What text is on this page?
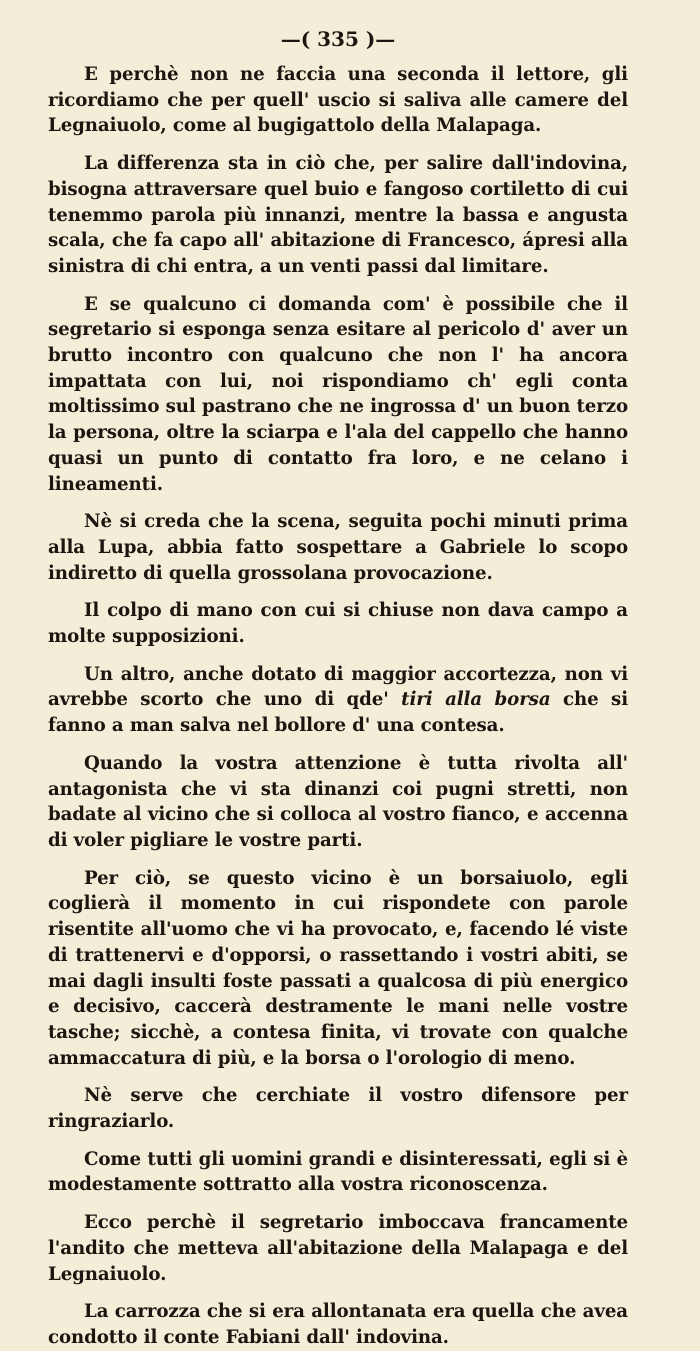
—( 335 )—

E perchè non ne faccia una seconda il lettore, gli ricordiamo che per quell' uscio si saliva alle camere del Legnaiuolo, come al bugigattolo della Malapaga.

La differenza sta in ciò che, per salire dall'indovina, bisogna attraversare quel buio e fangoso cortiletto di cui tenemmo parola più innanzi, mentre la bassa e angusta scala, che fa capo all' abitazione di Francesco, ápresi alla sinistra di chi entra, a un venti passi dal limitare.

E se qualcuno ci domanda com' è possibile che il segretario si esponga senza esitare al pericolo d' aver un brutto incontro con qualcuno che non l' ha ancora impattata con lui, noi rispondiamo ch' egli conta moltissimo sul pastrano che ne ingrossa d' un buon terzo la persona, oltre la sciarpa e l'ala del cappello che hanno quasi un punto di contatto fra loro, e ne celano i lineamenti.

Nè si creda che la scena, seguita pochi minuti prima alla Lupa, abbia fatto sospettare a Gabriele lo scopo indiretto di quella grossolana provocazione.

Il colpo di mano con cui si chiuse non dava campo a molte supposizioni.

Un altro, anche dotato di maggior accortezza, non vi avrebbe scorto che uno di qde' tiri alla borsa che si fanno a man salva nel bollore d' una contesa.

Quando la vostra attenzione è tutta rivolta all' antagonista che vi sta dinanzi coi pugni stretti, non badate al vicino che si colloca al vostro fianco, e accenna di voler pigliare le vostre parti.

Per ciò, se questo vicino è un borsaiuolo, egli coglierà il momento in cui rispondete con parole risentite all'uomo che vi ha provocato, e, facendo lé viste di trattenervi e d'opporsi, o rassettando i vostri abiti, se mai dagli insulti foste passati a qualcosa di più energico e decisivo, caccerà destramente le mani nelle vostre tasche; sicchè, a contesa finita, vi trovate con qualche ammaccatura di più, e la borsa o l'orologio di meno.

Nè serve che cerchiate il vostro difensore per ringraziarlo.

Come tutti gli uomini grandi e disinteressati, egli si è modestamente sottratto alla vostra riconoscenza.

Ecco perchè il segretario imboccava francamente l'andito che metteva all'abitazione della Malapaga e del Legnaiuolo.

La carrozza che si era allontanata era quella che avea condotto il conte Fabiani dall' indovina.
